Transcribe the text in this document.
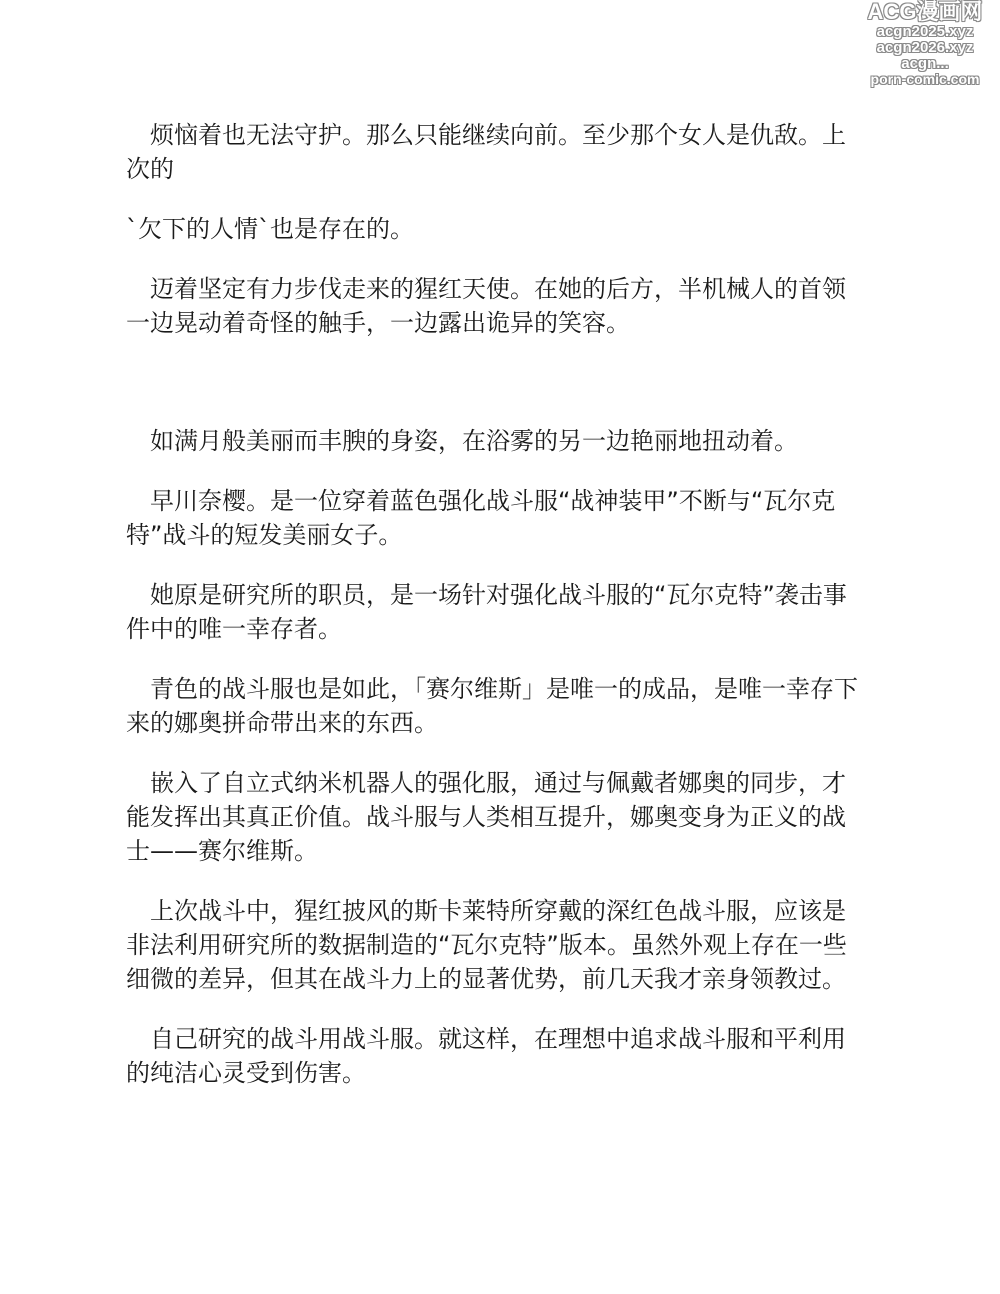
ACG漫画网
acgn2025.xyz
acgn2026.xyz
acgn...
porn-comic.com

烦恼着也无法守护。那么只能继续向前。至少那个女人是仇敌。上次的

`欠下的人情`也是存在的。

迈着坚定有力步伐走来的猩红天使。在她的后方，半机械人的首领一边晃动着奇怪的触手，一边露出诡异的笑容。

如满月般美丽而丰腴的身姿，在浴雾的另一边艳丽地扭动着。

早川奈樱。是一位穿着蓝色强化战斗服“战神装甲”不断与“瓦尔克特”战斗的短发美丽女子。

她原是研究所的职员，是一场针对强化战斗服的“瓦尔克特”袭击事件中的唯一幸存者。

青色的战斗服也是如此，「赛尔维斯」是唯一的成品，是唯一幸存下来的娜奥拼命带出来的东西。

嵌入了自立式纳米机器人的强化服，通过与佩戴者娜奥的同步，才能发挥出其真正价值。战斗服与人类相互提升，娜奥变身为正义的战士——赛尔维斯。

上次战斗中，猩红披风的斯卡莱特所穿戴的深红色战斗服，应该是非法利用研究所的数据制造的“瓦尔克特”版本。虽然外观上存在一些细微的差异，但其在战斗力上的显著优势，前几天我才亲身领教过。

自己研究的战斗用战斗服。就这样，在理想中追求战斗服和平利用的纯洁心灵受到伤害。
